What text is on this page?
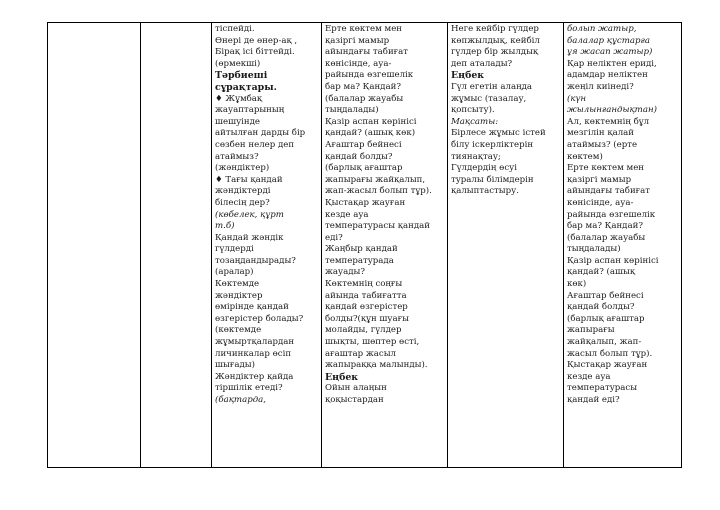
тіспейді.
Өнері де өнер-ақ ,
Бірақ ісі біттейді.
(өрмекші)
Тәрбиешi
сұрақтары.
♦ Жұмбақ
жауаптарының
шешуінде
айтылған дарды бір
сөзбен нелер деп
атаймыз?
(жәндіктер)
♦ Тағы қандай
жәндіктерді
білесің дер?
(көбелек, құрт
т.б)
Қандай жәндік
гүлдерді
тозаңдандырады?
(аралар)
Көктемде
жәндіктер
өмірінде қандай
өзгерістер болады?
(көктемде
жұмыртқалардан
личинкалар өсіп
шығады)
Жәндіктер қайда
тіршілік етеді?
(бақтарда,

Ерте көктем мен
қазіргі мамыр
айындағы табиғат
көнісінде, ауа-
райында өзгешелік
бар ма? Қандай?
(балалар жауабы
тыңдалады)
Қазір аспан көрінісі
қандай? (ашық көк)
Ағаштар бейнесі
қандай болды?
(барлық ағаштар
жапырағы жайқалып,
жап-жасыл болып тұр).
Қыстақар жауған
кезде ауа
температурасы қандай
еді?
Жаңбыр қандай
температурада
жауады?
Көктемнің соңғы
айында табиғатта
қандай өзгерістер
болды?(құн шуағы
молайды, гүлдер
шықты, шөптер өсті,
ағаштар жасыл
жапыраққа малынды).
Еңбек
Ойын алаңын
қоқыстардан

Неге кейбір гүлдер
көпжылдық, кейбіл
гүлдер бір жылдық
деп аталады?
Еңбек
Гүл егетін алаңда
жұмыс (тазалау,
қопсыту).
Мақсаты:
Бірлесе жұмыс істей
білу іскерліктерін
тиянақтау;
Гүлдердің өсуі
туралы білімдерін
қалыптастыру.

болып жатыр,
балалар құстарға
ұя жасап жатыр)
Қар неліктен ериді,
адамдар неліктен
жеңіл киінеді?
(күн
жылынғандықтан)
Ал, көктемнің бұл
мезгілін қалай
атаймыз? (ерте
көктем)
Ерте көктем мен
қазіргі мамыр
айындағы табиғат
көнісінде, ауа-
райында өзгешелік
бар ма? Қандай?
(балалар жауабы
тыңдалады)
Қазір аспан көрінісі
қандай? (ашық
көк)
Ағаштар бейнесі
қандай болды?
(барлық ағаштар
жапырағы
жайқалып, жап-
жасыл болып тұр).
Қыстақар жауған
кезде ауа
температурасы
қандай еді?
